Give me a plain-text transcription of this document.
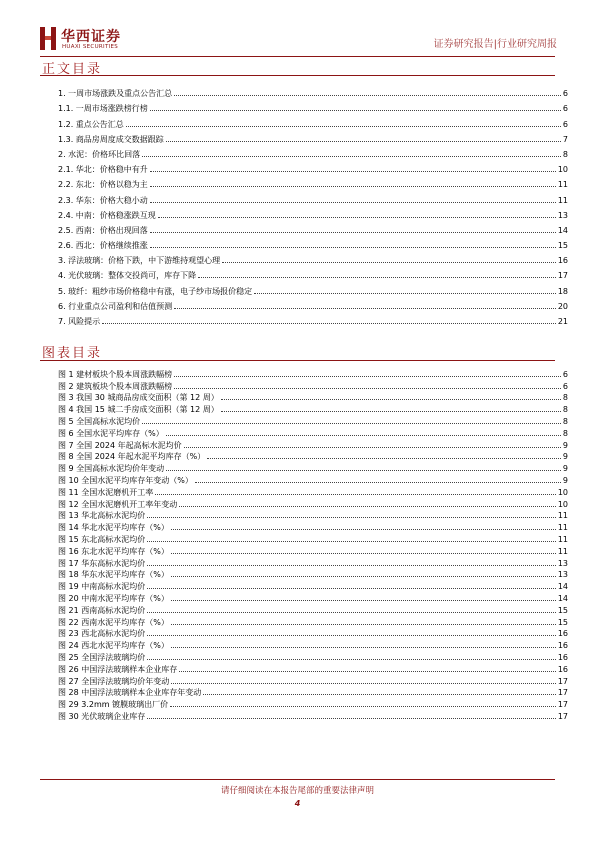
华西证券
HUAXI SECURITIES	证券研究报告|行业研究周报
正文目录
1. 一周市场涨跌及重点公告汇总	6
1.1. 一周市场涨跌榜行榜	6
1.2. 重点公告汇总	6
1.3. 商品房周度成交数据跟踪	7
2. 水泥：价格环比回落	8
2.1. 华北：价格稳中有升	10
2.2. 东北：价格以稳为主	11
2.3. 华东：价格大稳小动	11
2.4. 中南：价格稳涨跌互现	13
2.5. 西南：价格出现回落	14
2.6. 西北：价格继续推涨	15
3. 浮法玻璃：价格下跌，中下游维持观望心理	16
4. 光伏玻璃：整体交投尚可，库存下降	17
5. 玻纤：粗纱市场价格稳中有涨，电子纱市场报价稳定	18
6. 行业重点公司盈利和估值预测	20
7. 风险提示	21
图表目录
图 1 建材板块个股本周涨跌幅榜	6
图 2 建筑板块个股本周涨跌幅榜	6
图 3 我国 30 城商品房成交面积（第 12 周）	8
图 4 我国 15 城二手房成交面积（第 12 周）	8
图 5 全国高标水泥均价	8
图 6 全国水泥平均库存（%）	8
图 7 全国 2024 年起高标水泥均价	9
图 8 全国 2024 年起水泥平均库存（%）	9
图 9 全国高标水泥均价年变动	9
图 10 全国水泥平均库存年变动（%）	9
图 11 全国水泥磨机开工率	10
图 12 全国水泥磨机开工率年变动	10
图 13 华北高标水泥均价	11
图 14 华北水泥平均库存（%）	11
图 15 东北高标水泥均价	11
图 16 东北水泥平均库存（%）	11
图 17 华东高标水泥均价	13
图 18 华东水泥平均库存（%）	13
图 19 中南高标水泥均价	14
图 20 中南水泥平均库存（%）	14
图 21 西南高标水泥均价	15
图 22 西南水泥平均库存（%）	15
图 23 西北高标水泥均价	16
图 24 西北水泥平均库存（%）	16
图 25 全国浮法玻璃均价	16
图 26 中国浮法玻璃样本企业库存	16
图 27 全国浮法玻璃均价年变动	17
图 28 中国浮法玻璃样本企业库存年变动	17
图 29 3.2mm 镀膜玻璃出厂价	17
图 30 光伏玻璃企业库存	17
请仔细阅读在本报告尾部的重要法律声明
4
